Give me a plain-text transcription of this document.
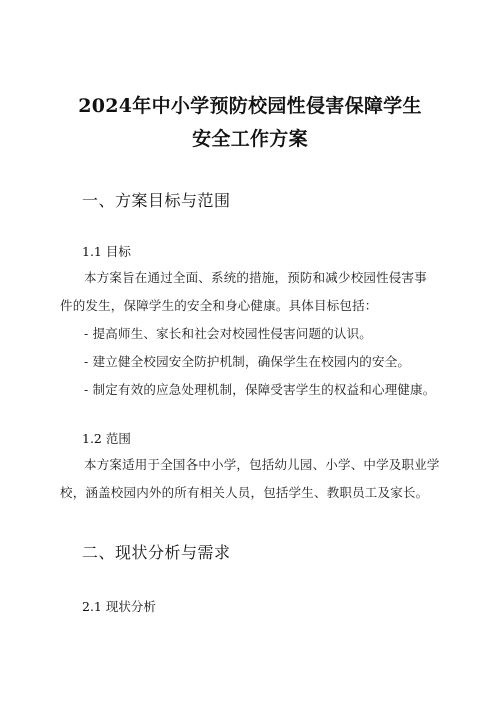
2024年中小学预防校园性侵害保障学生
安全工作方案
一、方案目标与范围
1.1 目标
本方案旨在通过全面、系统的措施，预防和减少校园性侵害事
件的发生，保障学生的安全和身心健康。具体目标包括：
- 提高师生、家长和社会对校园性侵害问题的认识。
- 建立健全校园安全防护机制，确保学生在校园内的安全。
- 制定有效的应急处理机制，保障受害学生的权益和心理健康。
1.2 范围
本方案适用于全国各中小学，包括幼儿园、小学、中学及职业学
校，涵盖校园内外的所有相关人员，包括学生、教职员工及家长。
二、现状分析与需求
2.1 现状分析
